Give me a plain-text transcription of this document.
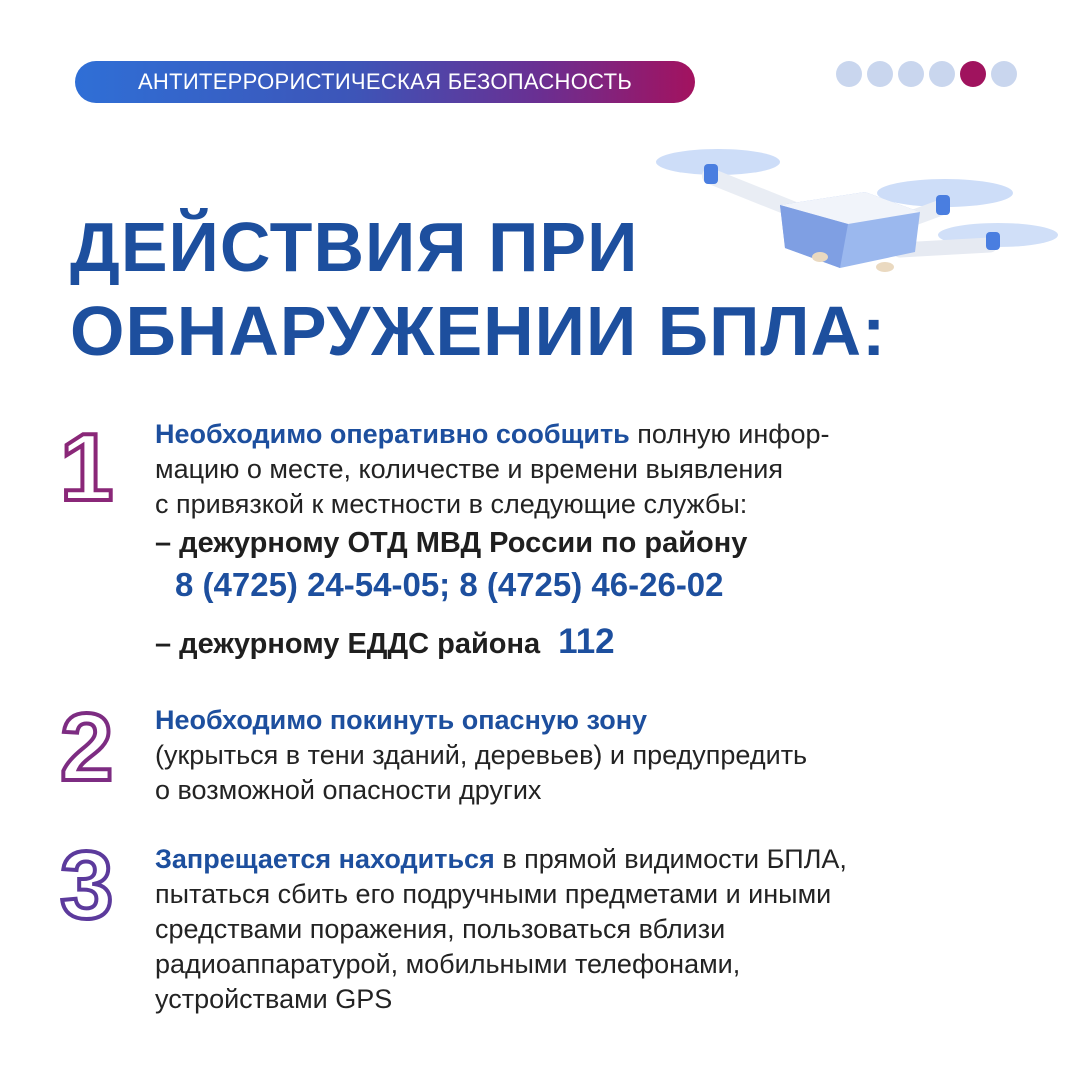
АНТИТЕРРОРИСТИЧЕСКАЯ БЕЗОПАСНОСТЬ
ДЕЙСТВИЯ ПРИ
ОБНАРУЖЕНИИ БПЛА:
1 Необходимо оперативно сообщить полную инфор-
мацию о месте, количестве и времени выявления
с привязкой к местности в следующие службы:
– дежурному ОТД МВД России по району
8 (4725) 24-54-05; 8 (4725) 46-26-02
– дежурному ЕДДС района 112
2 Необходимо покинуть опасную зону
(укрыться в тени зданий, деревьев) и предупредить
о возможной опасности других
3 Запрещается находиться в прямой видимости БПЛА,
пытаться сбить его подручными предметами и иными
средствами поражения, пользоваться вблизи
радиоаппаратурой, мобильными телефонами,
устройствами GPS
